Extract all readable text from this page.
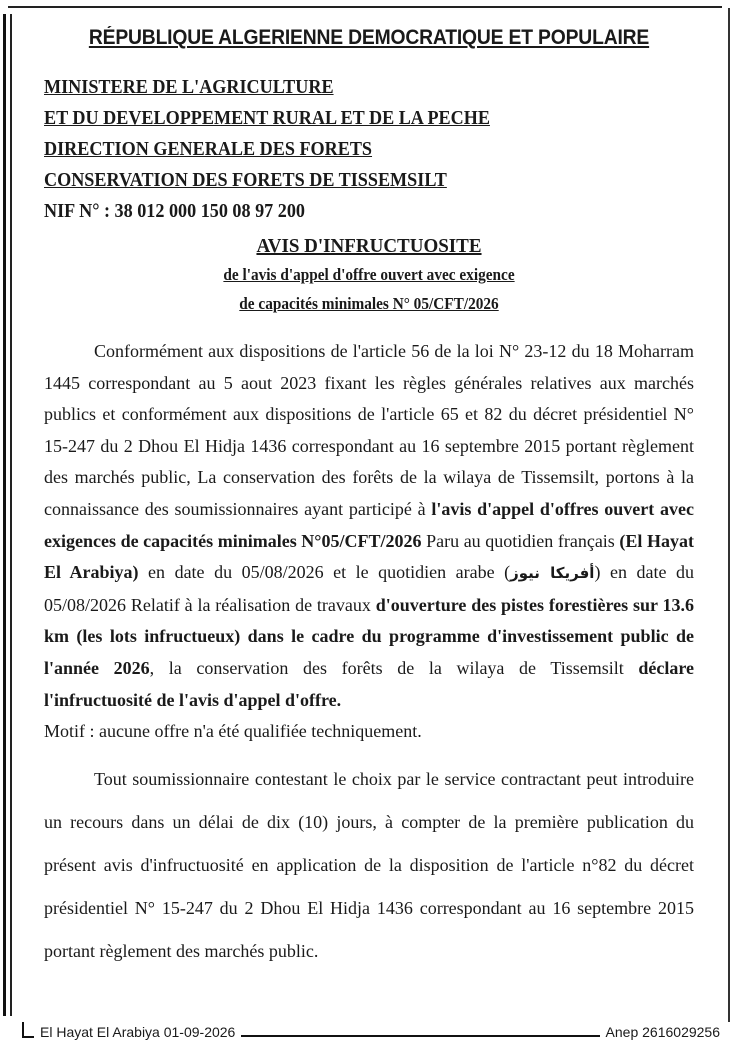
RÉPUBLIQUE ALGERIENNE DEMOCRATIQUE ET POPULAIRE
MINISTERE DE L'AGRICULTURE
ET DU DEVELOPPEMENT RURAL ET DE LA PECHE
DIRECTION GENERALE DES FORETS
CONSERVATION DES FORETS DE TISSEMSILT
NIF N° : 38 012 000 150 08 97 200
AVIS D'INFRUCTUOSITE
de l'avis d'appel d'offre ouvert avec exigence
de capacités minimales N° 05/CFT/2026

Conformément aux dispositions de l'article 56 de la loi N° 23-12 du 18 Moharram 1445 correspondant au 5 aout 2023 fixant les règles générales relatives aux marchés publics et conformément aux dispositions de l'article 65 et 82 du décret présidentiel N° 15-247 du 2 Dhou El Hidja 1436 correspondant au 16 septembre 2015 portant règlement des marchés public, La conservation des forêts de la wilaya de Tissemsilt, portons à la connaissance des soumissionnaires ayant participé à l'avis d'appel d'offres ouvert avec exigences de capacités minimales N°05/CFT/2026 Paru au quotidien français (El Hayat El Arabiya) en date du 05/08/2026 et le quotidien arabe (أفريكا نيوز) en date du 05/08/2026 Relatif à la réalisation de travaux d'ouverture des pistes forestières sur 13.6 km (les lots infructueux) dans le cadre du programme d'investissement public de l'année 2026, la conservation des forêts de la wilaya de Tissemsilt déclare l'infructuosité de l'avis d'appel d'offre.

Motif : aucune offre n'a été qualifiée techniquement.

Tout soumissionnaire contestant le choix par le service contractant peut introduire un recours dans un délai de dix (10) jours, à compter de la première publication du présent avis d'infructuosité en application de la disposition de l'article n°82 du décret présidentiel N° 15-247 du 2 Dhou El Hidja 1436 correspondant au 16 septembre 2015 portant règlement des marchés public.

El Hayat El Arabiya 01-09-2026	Anep 2616029256
